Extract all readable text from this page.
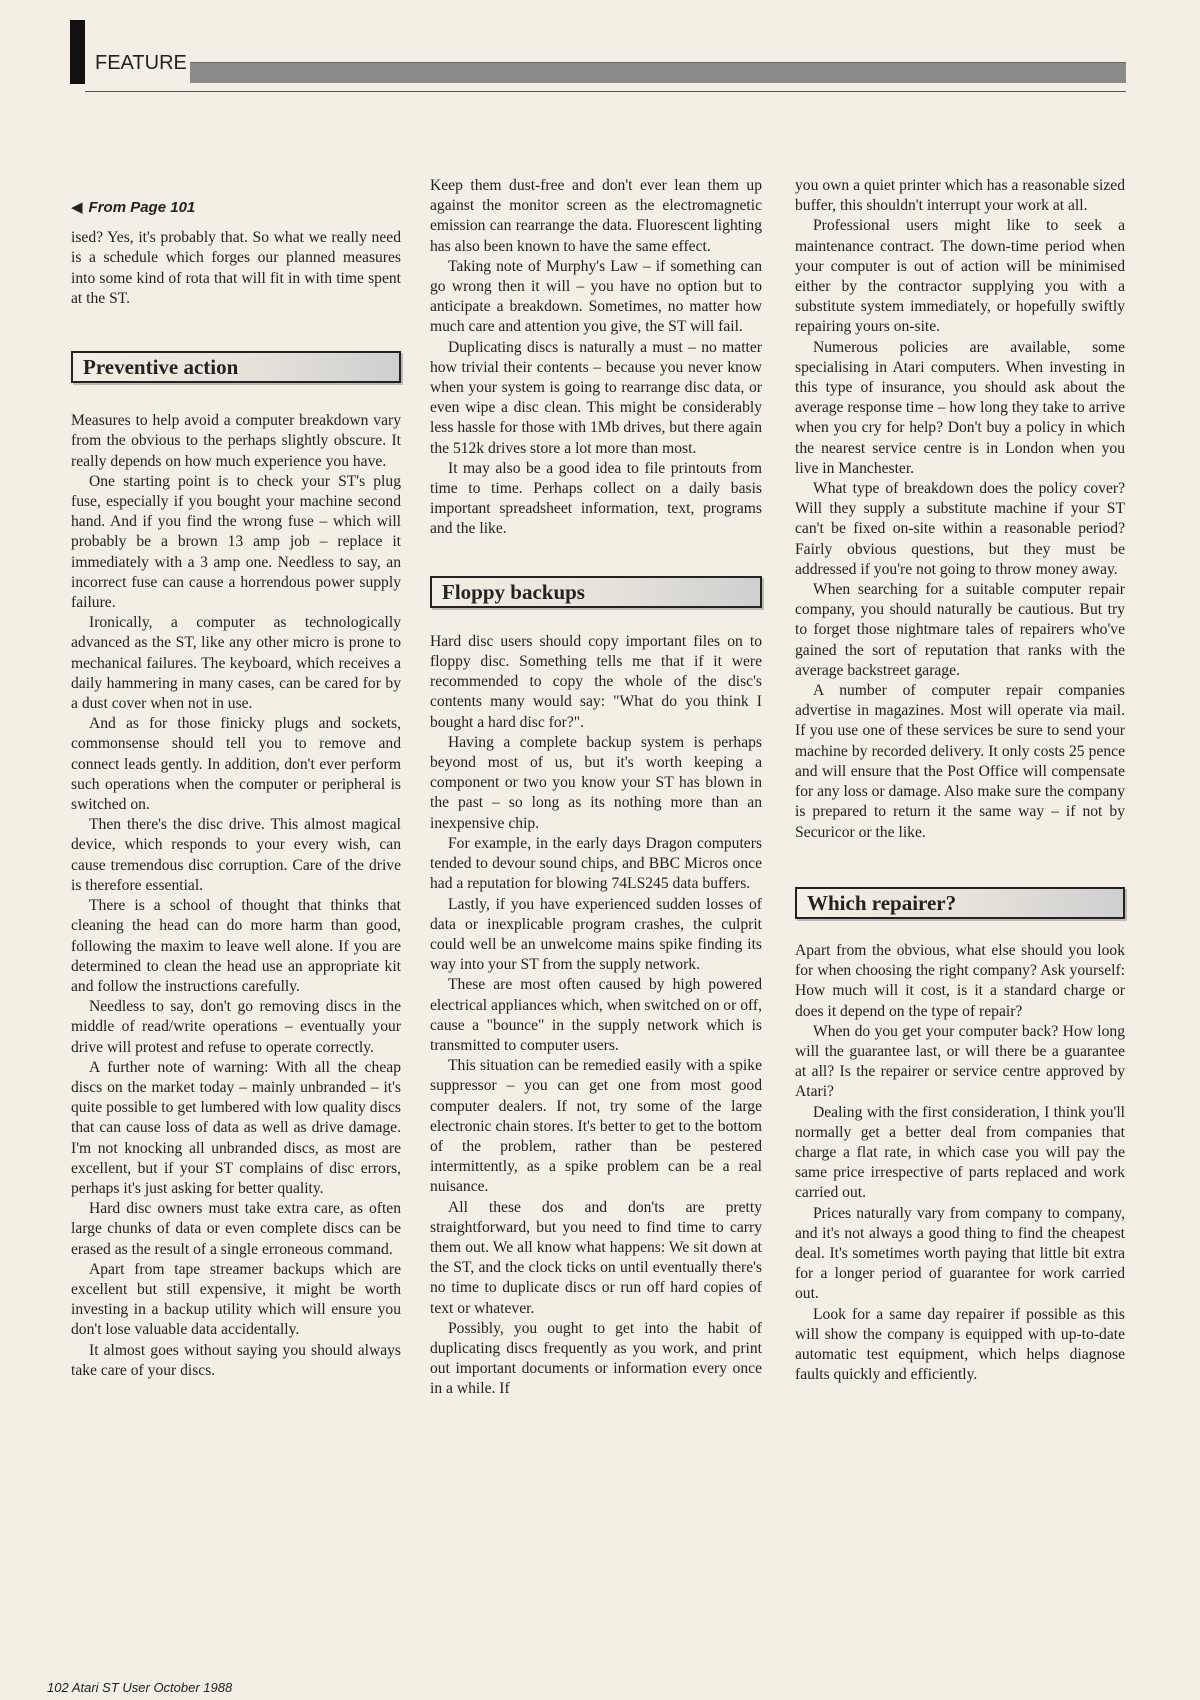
FEATURE
◀ From Page 101

ised? Yes, it's probably that. So what we really need is a schedule which forges our planned measures into some kind of rota that will fit in with time spent at the ST.

Preventive action

Measures to help avoid a computer breakdown vary from the obvious to the perhaps slightly obscure. It really depends on how much experience you have.

One starting point is to check your ST's plug fuse, especially if you bought your machine second hand. And if you find the wrong fuse – which will probably be a brown 13 amp job – replace it immediately with a 3 amp one. Needless to say, an incorrect fuse can cause a horrendous power supply failure.

Ironically, a computer as technologically advanced as the ST, like any other micro is prone to mechanical failures. The keyboard, which receives a daily hammering in many cases, can be cared for by a dust cover when not in use.

And as for those finicky plugs and sockets, commonsense should tell you to remove and connect leads gently. In addition, don't ever perform such operations when the computer or peripheral is switched on.

Then there's the disc drive. This almost magical device, which responds to your every wish, can cause tremendous disc corruption. Care of the drive is therefore essential.

There is a school of thought that thinks that cleaning the head can do more harm than good, following the maxim to leave well alone. If you are determined to clean the head use an appropriate kit and follow the instructions carefully.

Needless to say, don't go removing discs in the middle of read/write operations – eventually your drive will protest and refuse to operate correctly.

A further note of warning: With all the cheap discs on the market today – mainly unbranded – it's quite possible to get lumbered with low quality discs that can cause loss of data as well as drive damage. I'm not knocking all unbranded discs, as most are excellent, but if your ST complains of disc errors, perhaps it's just asking for better quality.

Hard disc owners must take extra care, as often large chunks of data or even complete discs can be erased as the result of a single erroneous command.

Apart from tape streamer backups which are excellent but still expensive, it might be worth investing in a backup utility which will ensure you don't lose valuable data accidentally.

It almost goes without saying you should always take care of your discs.

Keep them dust-free and don't ever lean them up against the monitor screen as the electromagnetic emission can rearrange the data. Fluorescent lighting has also been known to have the same effect.

Taking note of Murphy's Law – if something can go wrong then it will – you have no option but to anticipate a breakdown. Sometimes, no matter how much care and attention you give, the ST will fail.

Duplicating discs is naturally a must – no matter how trivial their contents – because you never know when your system is going to rearrange disc data, or even wipe a disc clean. This might be considerably less hassle for those with 1Mb drives, but there again the 512k drives store a lot more than most.

It may also be a good idea to file printouts from time to time. Perhaps collect on a daily basis important spreadsheet information, text, programs and the like.

Floppy backups

Hard disc users should copy important files on to floppy disc. Something tells me that if it were recommended to copy the whole of the disc's contents many would say: "What do you think I bought a hard disc for?".

Having a complete backup system is perhaps beyond most of us, but it's worth keeping a component or two you know your ST has blown in the past – so long as its nothing more than an inexpensive chip.

For example, in the early days Dragon computers tended to devour sound chips, and BBC Micros once had a reputation for blowing 74LS245 data buffers.

Lastly, if you have experienced sudden losses of data or inexplicable program crashes, the culprit could well be an unwelcome mains spike finding its way into your ST from the supply network.

These are most often caused by high powered electrical appliances which, when switched on or off, cause a "bounce" in the supply network which is transmitted to computer users.

This situation can be remedied easily with a spike suppressor – you can get one from most good computer dealers. If not, try some of the large electronic chain stores. It's better to get to the bottom of the problem, rather than be pestered intermittently, as a spike problem can be a real nuisance.

All these dos and don'ts are pretty straightforward, but you need to find time to carry them out. We all know what happens: We sit down at the ST, and the clock ticks on until eventually there's no time to duplicate discs or run off hard copies of text or whatever.

Possibly, you ought to get into the habit of duplicating discs frequently as you work, and print out important documents or information every once in a while. If

you own a quiet printer which has a reasonable sized buffer, this shouldn't interrupt your work at all.

Professional users might like to seek a maintenance contract. The down-time period when your computer is out of action will be minimised either by the contractor supplying you with a substitute system immediately, or hopefully swiftly repairing yours on-site.

Numerous policies are available, some specialising in Atari computers. When investing in this type of insurance, you should ask about the average response time – how long they take to arrive when you cry for help? Don't buy a policy in which the nearest service centre is in London when you live in Manchester.

What type of breakdown does the policy cover? Will they supply a substitute machine if your ST can't be fixed on-site within a reasonable period? Fairly obvious questions, but they must be addressed if you're not going to throw money away.

When searching for a suitable computer repair company, you should naturally be cautious. But try to forget those nightmare tales of repairers who've gained the sort of reputation that ranks with the average backstreet garage.

A number of computer repair companies advertise in magazines. Most will operate via mail. If you use one of these services be sure to send your machine by recorded delivery. It only costs 25 pence and will ensure that the Post Office will compensate for any loss or damage. Also make sure the company is prepared to return it the same way – if not by Securicor or the like.

Which repairer?

Apart from the obvious, what else should you look for when choosing the right company? Ask yourself: How much will it cost, is it a standard charge or does it depend on the type of repair?

When do you get your computer back? How long will the guarantee last, or will there be a guarantee at all? Is the repairer or service centre approved by Atari?

Dealing with the first consideration, I think you'll normally get a better deal from companies that charge a flat rate, in which case you will pay the same price irrespective of parts replaced and work carried out.

Prices naturally vary from company to company, and it's not always a good thing to find the cheapest deal. It's sometimes worth paying that little bit extra for a longer period of guarantee for work carried out.

Look for a same day repairer if possible as this will show the company is equipped with up-to-date automatic test equipment, which helps diagnose faults quickly and efficiently.

102 Atari ST User October 1988
